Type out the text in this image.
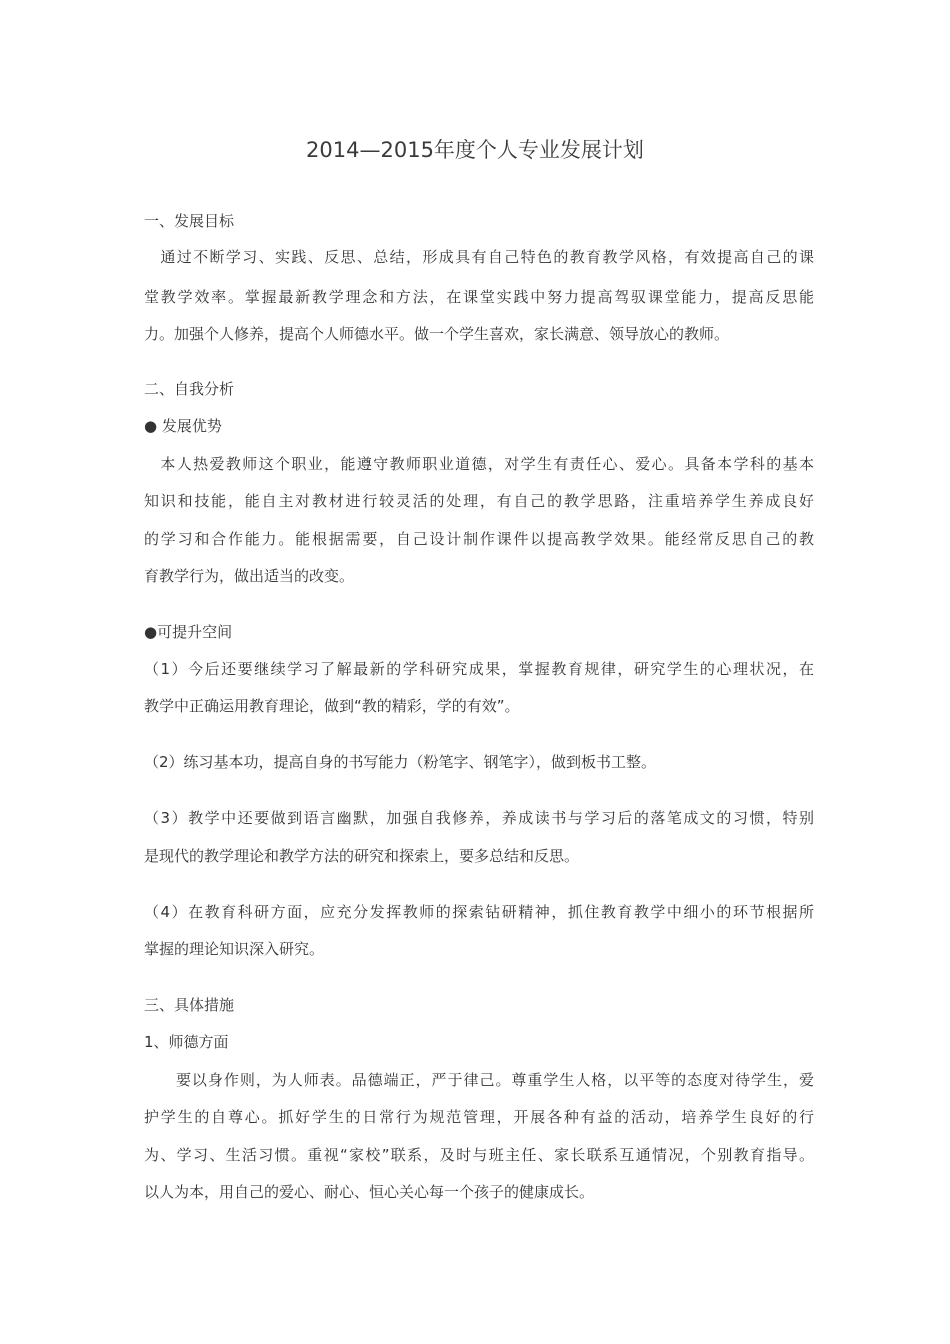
2014—2015年度个人专业发展计划
一、发展目标
　通过不断学习、实践、反思、总结，形成具有自己特色的教育教学风格，有效提高自己的课
堂教学效率。掌握最新教学理念和方法，在课堂实践中努力提高驾驭课堂能力，提高反思能
力。加强个人修养，提高个人师德水平。做一个学生喜欢，家长满意、领导放心的教师。
二、自我分析
● 发展优势
　本人热爱教师这个职业，能遵守教师职业道德，对学生有责任心、爱心。具备本学科的基本
知识和技能，能自主对教材进行较灵活的处理，有自己的教学思路，注重培养学生养成良好
的学习和合作能力。能根据需要，自己设计制作课件以提高教学效果。能经常反思自己的教
育教学行为，做出适当的改变。
●可提升空间
（1）今后还要继续学习了解最新的学科研究成果，掌握教育规律，研究学生的心理状况，在
教学中正确运用教育理论，做到“教的精彩，学的有效”。
（2）练习基本功，提高自身的书写能力（粉笔字、钢笔字），做到板书工整。
（3）教学中还要做到语言幽默，加强自我修养，养成读书与学习后的落笔成文的习惯，特别
是现代的教学理论和教学方法的研究和探索上，要多总结和反思。
（4）在教育科研方面，应充分发挥教师的探索钻研精神，抓住教育教学中细小的环节根据所
掌握的理论知识深入研究。
三、具体措施
1、师德方面
　　要以身作则，为人师表。品德端正，严于律己。尊重学生人格，以平等的态度对待学生，爱
护学生的自尊心。抓好学生的日常行为规范管理，开展各种有益的活动，培养学生良好的行
为、学习、生活习惯。重视“家校”联系，及时与班主任、家长联系互通情况，个别教育指导。
以人为本，用自己的爱心、耐心、恒心关心每一个孩子的健康成长。
